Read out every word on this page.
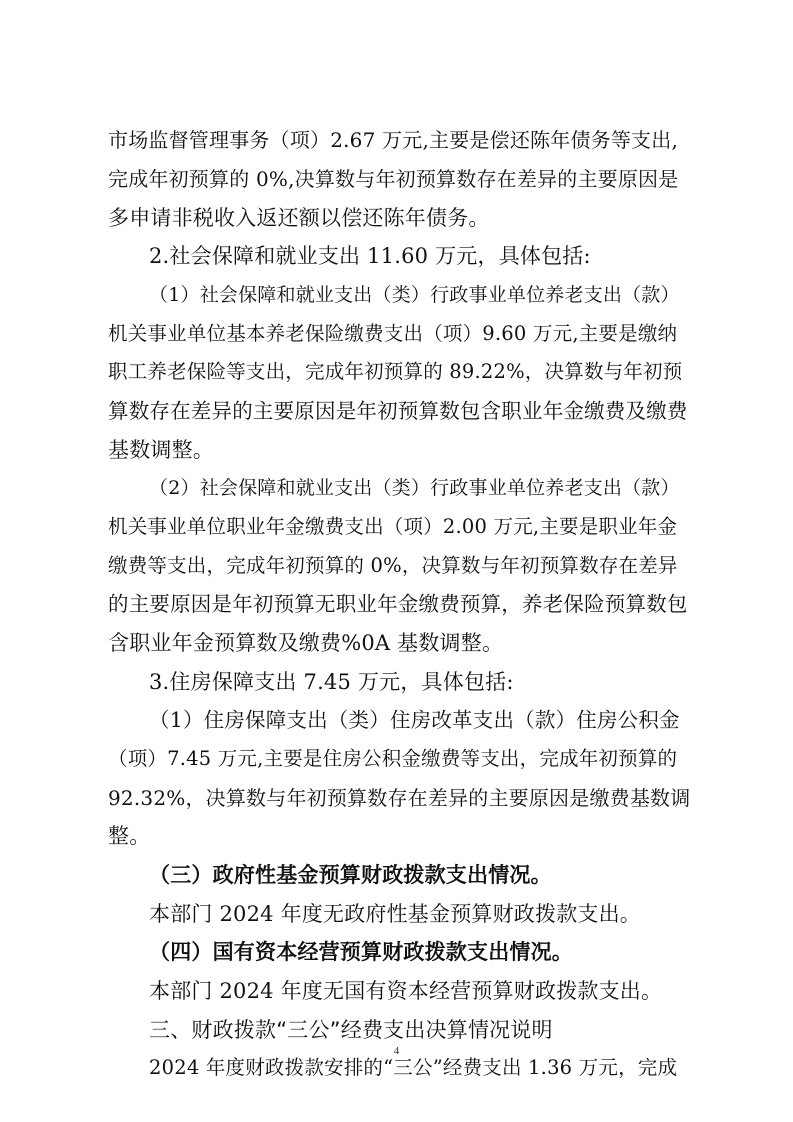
市场监督管理事务（项）2.67 万元,主要是偿还陈年债务等支出,
完成年初预算的 0%,决算数与年初预算数存在差异的主要原因是
多申请非税收入返还额以偿还陈年债务。
2.社会保障和就业支出 11.60 万元，具体包括:
（1）社会保障和就业支出（类）行政事业单位养老支出（款）
机关事业单位基本养老保险缴费支出（项）9.60 万元,主要是缴纳
职工养老保险等支出，完成年初预算的 89.22%，决算数与年初预
算数存在差异的主要原因是年初预算数包含职业年金缴费及缴费
基数调整。
（2）社会保障和就业支出（类）行政事业单位养老支出（款）
机关事业单位职业年金缴费支出（项）2.00 万元,主要是职业年金
缴费等支出，完成年初预算的 0%，决算数与年初预算数存在差异
的主要原因是年初预算无职业年金缴费预算，养老保险预算数包
含职业年金预算数及缴费%0A 基数调整。
3.住房保障支出 7.45 万元，具体包括:
（1）住房保障支出（类）住房改革支出（款）住房公积金
（项）7.45 万元,主要是住房公积金缴费等支出，完成年初预算的
92.32%，决算数与年初预算数存在差异的主要原因是缴费基数调
整。
（三）政府性基金预算财政拨款支出情况。
本部门 2024 年度无政府性基金预算财政拨款支出。
（四）国有资本经营预算财政拨款支出情况。
本部门 2024 年度无国有资本经营预算财政拨款支出。
三、财政拨款“三公”经费支出决算情况说明
2024 年度财政拨款安排的“三公”经费支出 1.36 万元，完成
4
